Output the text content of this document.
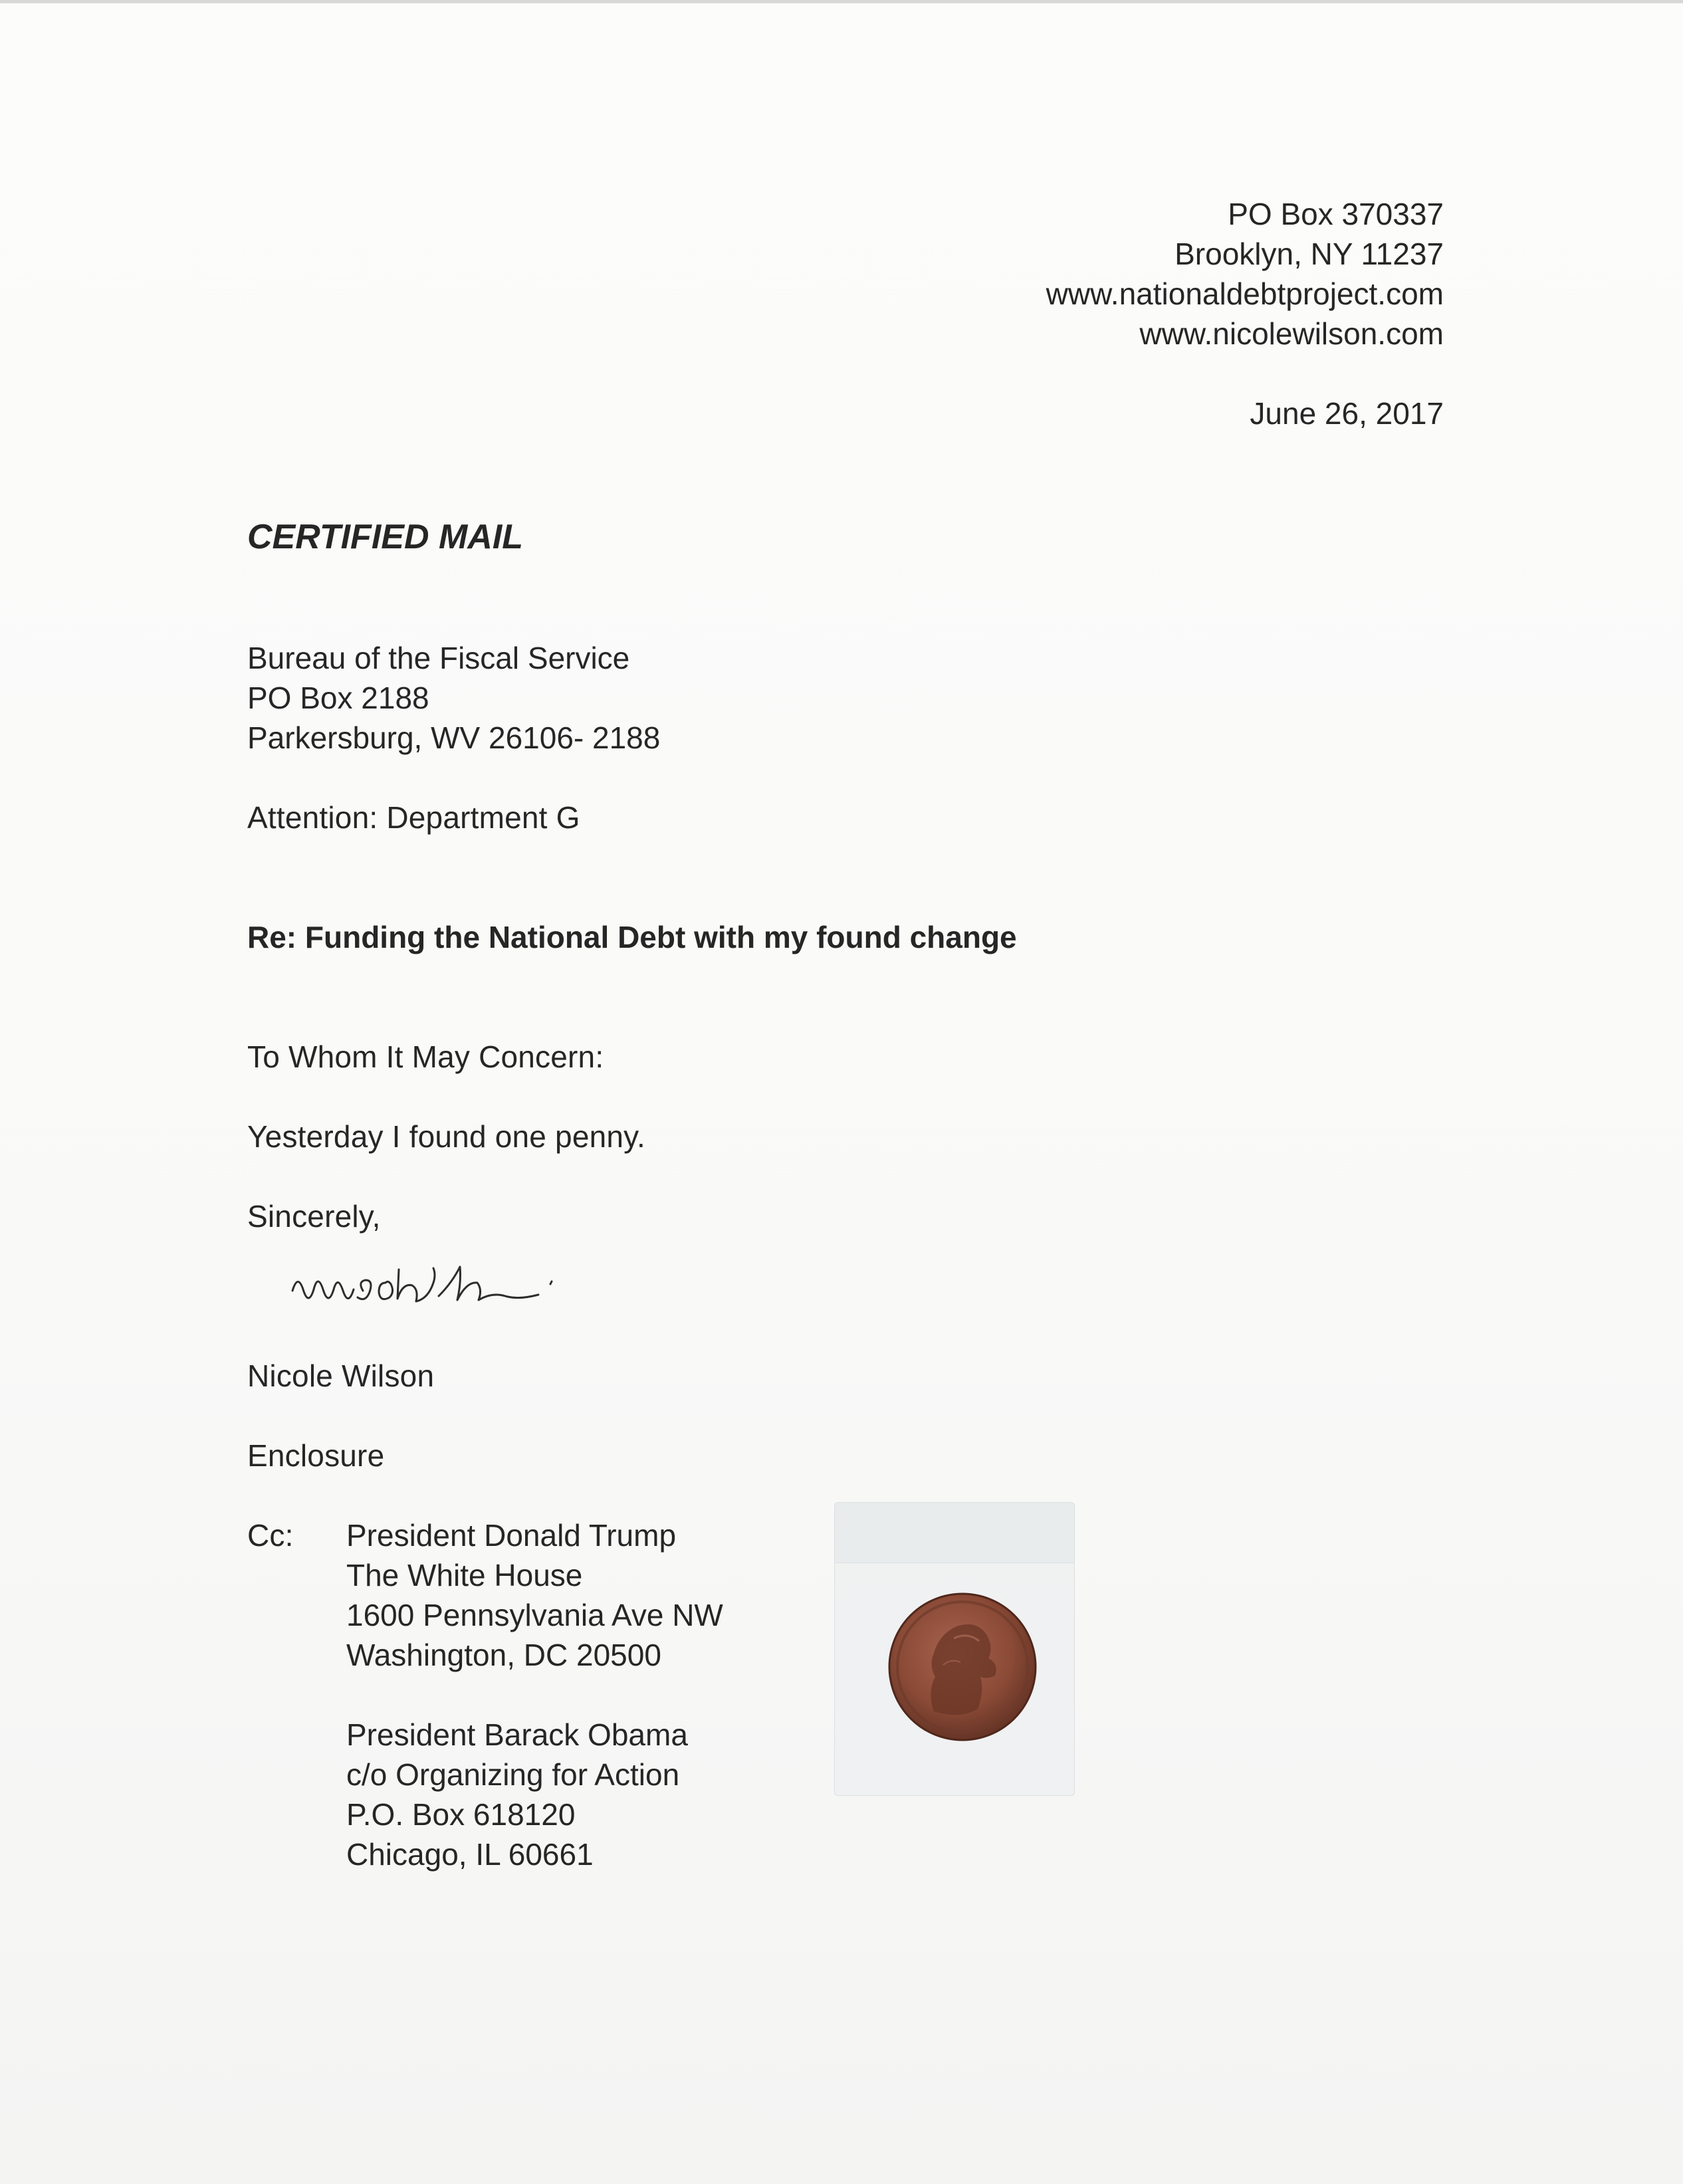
PO Box 370337
Brooklyn, NY 11237
www.nationaldebtproject.com
www.nicolewilson.com
June 26, 2017
CERTIFIED MAIL
Bureau of the Fiscal Service
PO Box 2188
Parkersburg, WV 26106- 2188
Attention: Department G
Re: Funding the National Debt with my found change
To Whom It May Concern:
Yesterday I found one penny.
Sincerely,
Nicole Wilson
Enclosure
Cc: President Donald Trump
The White House
1600 Pennsylvania Ave NW
Washington, DC 20500
President Barack Obama
c/o Organizing for Action
P.O. Box 618120
Chicago, IL 60661
